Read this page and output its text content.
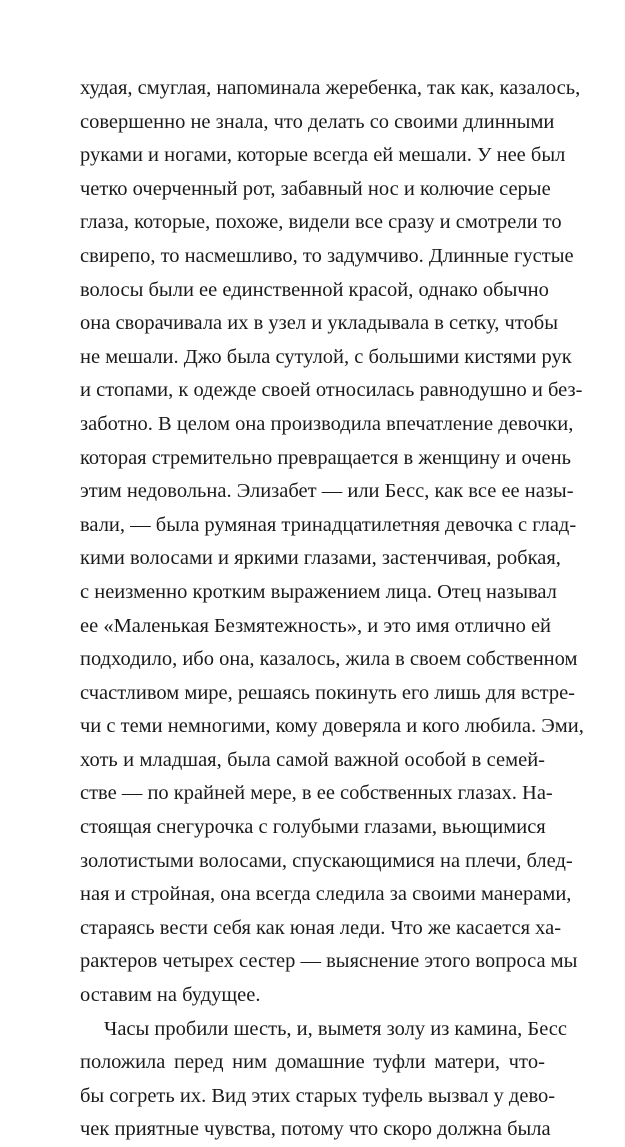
худая, смуглая, напоминала жеребенка, так как, казалось,
совершенно не знала, что делать со своими длинными
руками и ногами, которые всегда ей мешали. У нее был
четко очерченный рот, забавный нос и колючие серые
глаза, которые, похоже, видели все сразу и смотрели то
свирепо, то насмешливо, то задумчиво. Длинные густые
волосы были ее единственной красой, однако обычно
она сворачивала их в узел и укладывала в сетку, чтобы
не мешали. Джо была сутулой, с большими кистями рук
и стопами, к одежде своей относилась равнодушно и без-
заботно. В целом она производила впечатление девочки,
которая стремительно превращается в женщину и очень
этим недовольна. Элизабет — или Бесс, как все ее назы-
вали, — была румяная тринадцатилетняя девочка с глад-
кими волосами и яркими глазами, застенчивая, робкая,
с неизменно кротким выражением лица. Отец называл
ее «Маленькая Безмятежность», и это имя отлично ей
подходило, ибо она, казалось, жила в своем собственном
счастливом мире, решаясь покинуть его лишь для встре-
чи с теми немногими, кому доверяла и кого любила. Эми,
хоть и младшая, была самой важной особой в семей-
стве — по крайней мере, в ее собственных глазах. На-
стоящая снегурочка с голубыми глазами, вьющимися
золотистыми волосами, спускающимися на плечи, блед-
ная и стройная, она всегда следила за своими манерами,
стараясь вести себя как юная леди. Что же касается ха-
рактеров четырех сестер — выяснение этого вопроса мы
оставим на будущее.
Часы пробили шесть, и, выметя золу из камина, Бесс
положила перед ним домашние туфли матери, чтo-
бы согреть их. Вид этих старых туфель вызвал у дево-
чек приятные чувства, потому что скоро должна была
